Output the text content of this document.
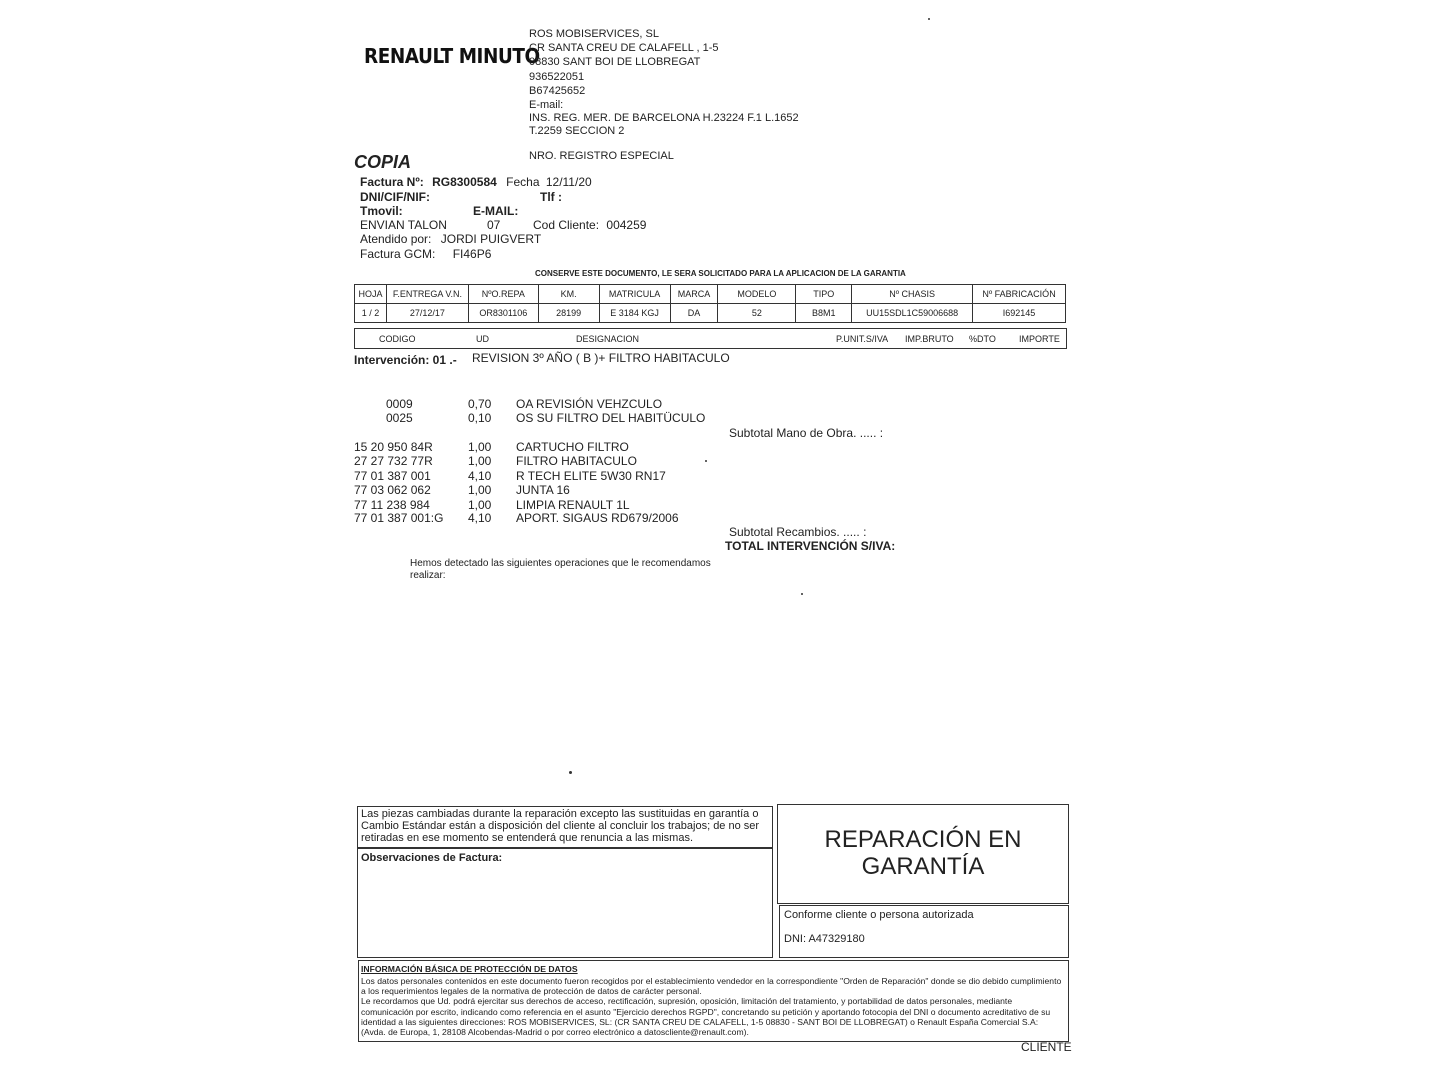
RENAULT MINUTO
ROS MOBISERVICES, SL
CR SANTA CREU DE CALAFELL , 1-5
08830 SANT BOI DE LLOBREGAT
936522051
B67425652
E-mail:
INS. REG. MER. DE BARCELONA H.23224 F.1 L.1652
T.2259 SECCION 2
NRO. REGISTRO ESPECIAL
COPIA
Factura Nº: RG8300584 Fecha 12/11/20
DNI/CIF/NIF:	Tlf :
Tmovil:	E-MAIL:
ENVIAN TALON	07	Cod Cliente: 004259
Atendido por: JORDI PUIGVERT
Factura GCM: FI46P6
CONSERVE ESTE DOCUMENTO, LE SERA SOLICITADO PARA LA APLICACION DE LA GARANTIA
HOJA	F.ENTREGA V.N.	NºO.REPA	KM.	MATRICULA	MARCA	MODELO	TIPO	Nº CHASIS	Nº FABRICACIÓN
1 / 2	27/12/17	OR8301106	28199	E 3184 KGJ	DA	52	B8M1	UU15SDL1C59006688	I692145
CODIGO	UD	DESIGNACION	P.UNIT.S/IVA IMP.BRUTO %DTO	IMPORTE
Intervención: 01 .- REVISION 3º AÑO ( B )+ FILTRO HABITACULO
0009	0,70 OA REVISIÓN VEHZCULO
0025	0,10 OS SU FILTRO DEL HABITÜCULO
Subtotal Mano de Obra. ..... :
15 20 950 84R	1,00 CARTUCHO FILTRO
27 27 732 77R	1,00 FILTRO HABITACULO
77 01 387 001	4,10 R TECH ELITE 5W30 RN17
77 03 062 062	1,00 JUNTA 16
77 11 238 984	1,00 LIMPIA RENAULT 1L
77 01 387 001:G 4,10 APORT. SIGAUS RD679/2006
Subtotal Recambios. ..... :
TOTAL INTERVENCIÓN S/IVA:
Hemos detectado las siguientes operaciones que le recomendamos
realizar:
Las piezas cambiadas durante la reparación excepto las sustituidas en garantía o
Cambio Estándar están a disposición del cliente al concluir los trabajos; de no ser
retiradas en ese momento se entenderá que renuncia a las mismas.
Observaciones de Factura:
REPARACIÓN EN
GARANTÍA
Conforme cliente o persona autorizada
DNI: A47329180
INFORMACIÓN BÁSICA DE PROTECCIÓN DE DATOS
Los datos personales contenidos en este documento fueron recogidos por el establecimiento vendedor en la correspondiente "Orden de Reparación" donde se dio debido cumplimiento
a los requerimientos legales de la normativa de protección de datos de carácter personal.
Le recordamos que Ud. podrá ejercitar sus derechos de acceso, rectificación, supresión, oposición, limitación del tratamiento, y portabilidad de datos personales, mediante
comunicación por escrito, indicando como referencia en el asunto "Ejercicio derechos RGPD", concretando su petición y aportando fotocopia del DNI o documento acreditativo de su
identidad a las siguientes direcciones: ROS MOBISERVICES, SL: (CR SANTA CREU DE CALAFELL, 1-5 08830 - SANT BOI DE LLOBREGAT) o Renault España Comercial S.A:
(Avda. de Europa, 1, 28108 Alcobendas-Madrid o por correo electrónico a datoscliente@renault.com).
CLIENTE
